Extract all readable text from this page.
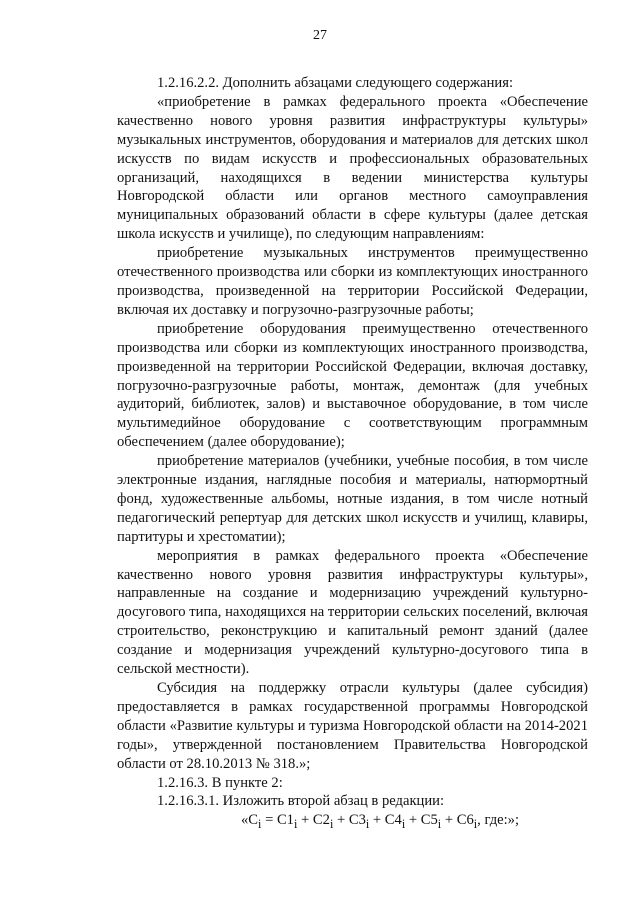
27

1.2.16.2.2. Дополнить абзацами следующего содержания:

«приобретение в рамках федерального проекта «Обеспечение качественно нового уровня развития инфраструктуры культуры» музыкальных инструментов, оборудования и материалов для детских школ искусств по видам искусств и профессиональных образовательных организаций, находящихся в ведении министерства культуры Новгородской области или органов местного самоуправления муниципальных образований области в сфере культуры (далее детская школа искусств и училище), по следующим направлениям:

приобретение музыкальных инструментов преимущественно отечественного производства или сборки из комплектующих иностранного производства, произведенной на территории Российской Федерации, включая их доставку и погрузочно-разгрузочные работы;

приобретение оборудования преимущественно отечественного производства или сборки из комплектующих иностранного производства, произведенной на территории Российской Федерации, включая доставку, погрузочно-разгрузочные работы, монтаж, демонтаж (для учебных аудиторий, библиотек, залов) и выставочное оборудование, в том числе мультимедийное оборудование с соответствующим программным обеспечением (далее оборудование);

приобретение материалов (учебники, учебные пособия, в том числе электронные издания, наглядные пособия и материалы, натюрмортный фонд, художественные альбомы, нотные издания, в том числе нотный педагогический репертуар для детских школ искусств и училищ, клавиры, партитуры и хрестоматии);

мероприятия в рамках федерального проекта «Обеспечение качественно нового уровня развития инфраструктуры культуры», направленные на создание и модернизацию учреждений культурно-досугового типа, находящихся на территории сельских поселений, включая строительство, реконструкцию и капитальный ремонт зданий (далее создание и модернизация учреждений культурно-досугового типа в сельской местности).

Субсидия на поддержку отрасли культуры (далее субсидия) предоставляется в рамках государственной программы Новгородской области «Развитие культуры и туризма Новгородской области на 2014-2021 годы», утвержденной постановлением Правительства Новгородской области от 28.10.2013 № 318.»;

1.2.16.3. В пункте 2:

1.2.16.3.1. Изложить второй абзац в редакции:

«$C_i = C1_i + C2_i + C3_i + C4_i + C5_i + C6_i$, где:»;
